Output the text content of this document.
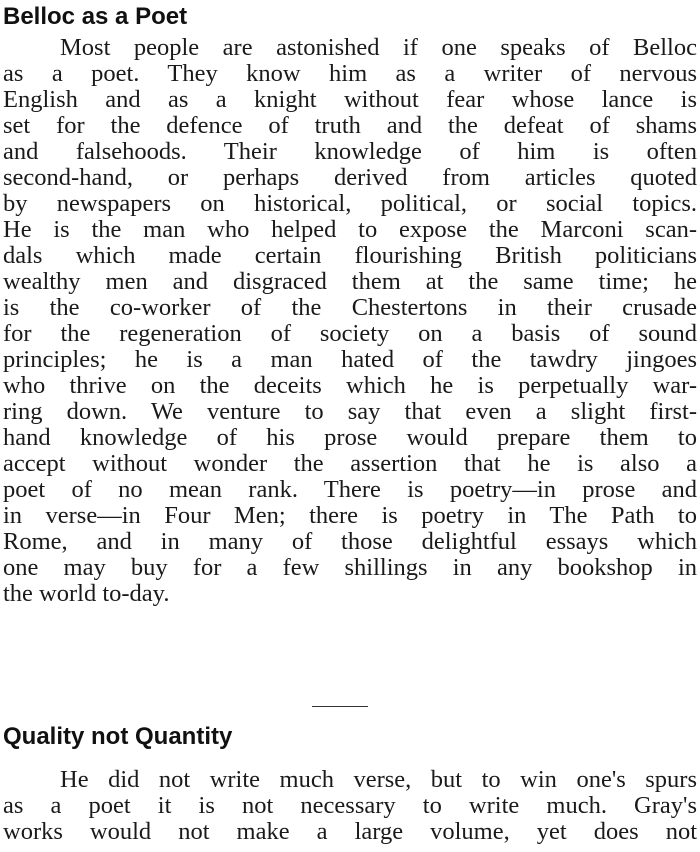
Belloc as a Poet
Most people are astonished if one speaks of Belloc
as a poet. They know him as a writer of nervous
English and as a knight without fear whose lance is
set for the defence of truth and the defeat of shams
and falsehoods. Their knowledge of him is often
second-hand, or perhaps derived from articles quoted
by newspapers on historical, political, or social topics.
He is the man who helped to expose the Marconi scan-
dals which made certain flourishing British politicians
wealthy men and disgraced them at the same time; he
is the co-worker of the Chestertons in their crusade
for the regeneration of society on a basis of sound
principles; he is a man hated of the tawdry jingoes
who thrive on the deceits which he is perpetually war-
ring down. We venture to say that even a slight first-
hand knowledge of his prose would prepare them to
accept without wonder the assertion that he is also a
poet of no mean rank. There is poetry—in prose and
in verse—in Four Men; there is poetry in The Path to
Rome, and in many of those delightful essays which
one may buy for a few shillings in any bookshop in
the world to-day.
Quality not Quantity
He did not write much verse, but to win one's spurs
as a poet it is not necessary to write much. Gray's
works would not make a large volume, yet does not
